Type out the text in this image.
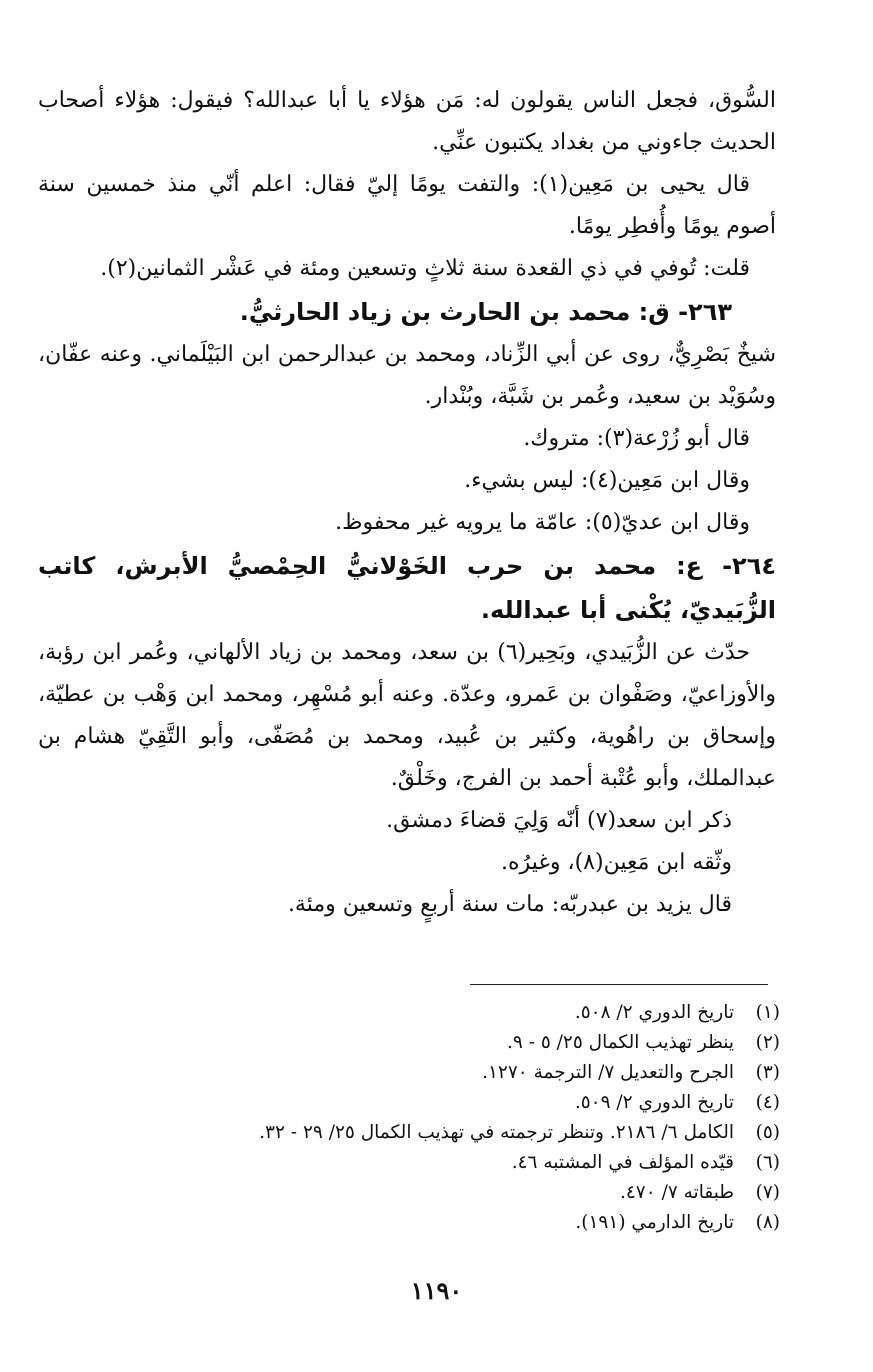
السُّوق، فجعل الناس يقولون له: مَن هؤلاء يا أبا عبدالله؟ فيقول: هؤلاء أصحاب الحديث جاءوني من بغداد يكتبون عنِّي.

قال يحيى بن مَعِين(١): والتفت يومًا إليّ فقال: اعلم أنّي منذ خمسين سنة أصوم يومًا وأُفطِر يومًا.

قلت: تُوفي في ذي القعدة سنة ثلاثٍ وتسعين ومئة في عَشْر الثمانين(٢).

٢٦٣- ق: محمد بن الحارث بن زياد الحارثيُّ.

شيخٌ بَصْرِيٌّ، روى عن أبي الزِّناد، ومحمد بن عبدالرحمن ابن البَيْلَماني. وعنه عفّان، وسُوَيْد بن سعيد، وعُمر بن شَبَّة، وبُنْدار.

قال أبو زُرْعة(٣): متروك.

وقال ابن مَعِين(٤): ليس بشيء.

وقال ابن عديّ(٥): عامّة ما يرويه غير محفوظ.

٢٦٤- ع: محمد بن حرب الخَوْلانيُّ الحِمْصيُّ الأبرش، كاتب الزُّبَيديّ، يُكْنى أبا عبدالله.

حدّث عن الزُّبَيدي، وبَحِير(٦) بن سعد، ومحمد بن زياد الألهاني، وعُمر ابن رؤبة، والأوزاعيّ، وصَفْوان بن عَمرو، وعدّة. وعنه أبو مُسْهِر، ومحمد ابن وَهْب بن عطيّة، وإسحاق بن راهُوية، وكثير بن عُبيد، ومحمد بن مُصَفّى، وأبو التَّقِيّ هشام بن عبدالملك، وأبو عُتْبة أحمد بن الفرج، وخَلْقٌ.

ذكر ابن سعد(٧) أنّه وَلِيَ قضاءَ دمشق.

وثّقه ابن مَعِين(٨)، وغيرُه.

قال يزيد بن عبدربّه: مات سنة أربعٍ وتسعين ومئة.

(١)
تاريخ الدوري ٢/ ٥٠٨.
(٢)
ينظر تهذيب الكمال ٢٥/ ٥ - ٩.
(٣)
الجرح والتعديل ٧/ الترجمة ١٢٧٠.
(٤)
تاريخ الدوري ٢/ ٥٠٩.
(٥)
الكامل ٦/ ٢١٨٦. وتنظر ترجمته في تهذيب الكمال ٢٥/ ٢٩ - ٣٢.
(٦)
قيّده المؤلف في المشتبه ٤٦.
(٧)
طبقاته ٧/ ٤٧٠.
(٨)
تاريخ الدارمي (١٩١).
١١٩٠
